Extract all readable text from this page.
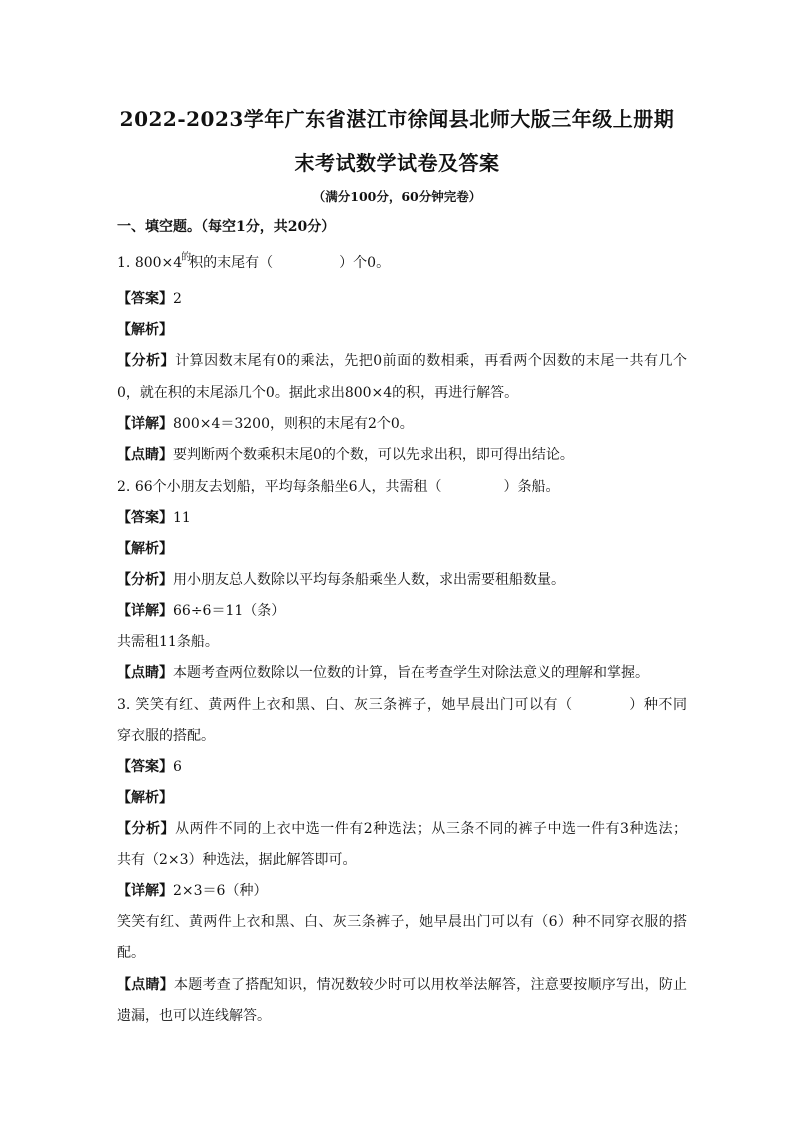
2022-2023学年广东省湛江市徐闻县北师大版三年级上册期
末考试数学试卷及答案
（满分100分，60分钟完卷）
一、填空题。（每空1分，共20分）
1. $800\times 4^的$积的末尾有（	）个0。
【答案】2
【解析】
【分析】计算因数末尾有0的乘法，先把0前面的数相乘，再看两个因数的末尾一共有几个
0，就在积的末尾添几个0。据此求出800×4的积，再进行解答。
【详解】800×4＝3200，则积的末尾有2个0。
【点睛】要判断两个数乘积末尾0的个数，可以先求出积，即可得出结论。
2. 66个小朋友去划船，平均每条船坐6人，共需租（	）条船。
【答案】11
【解析】
【分析】用小朋友总人数除以平均每条船乘坐人数，求出需要租船数量。
【详解】66÷6＝11（条）
共需租11条船。
【点睛】本题考查两位数除以一位数的计算，旨在考查学生对除法意义的理解和掌握。
3. 笑笑有红、黄两件上衣和黑、白、灰三条裤子，她早晨出门可以有（	）种不同
穿衣服的搭配。
【答案】6
【解析】
【分析】从两件不同的上衣中选一件有2种选法；从三条不同的裤子中选一件有3种选法；
共有（2×3）种选法，据此解答即可。
【详解】2×3＝6（种）
笑笑有红、黄两件上衣和黑、白、灰三条裤子，她早晨出门可以有（6）种不同穿衣服的搭
配。
【点睛】本题考查了搭配知识，情况数较少时可以用枚举法解答，注意要按顺序写出，防止
遗漏，也可以连线解答。
